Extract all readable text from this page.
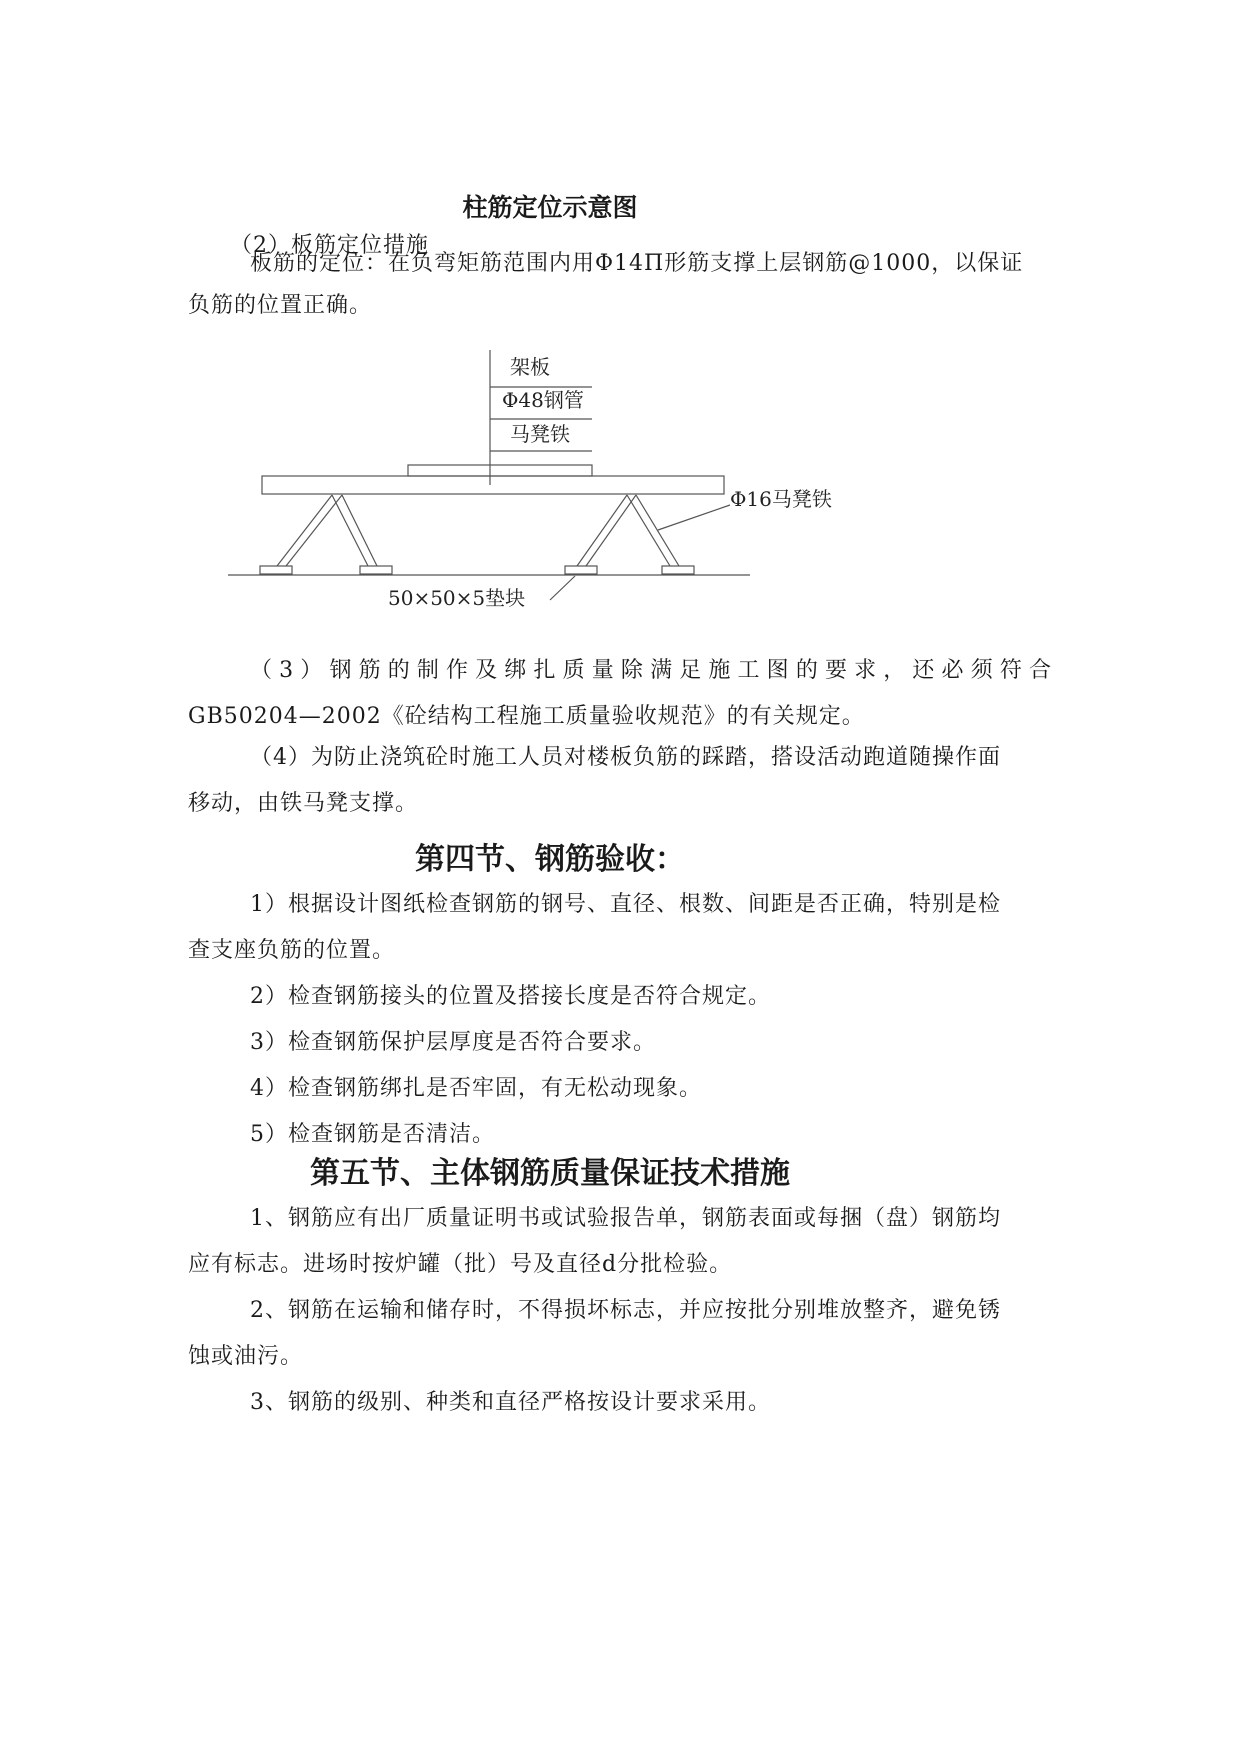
柱筋定位示意图

（2）板筋定位措施

板筋的定位：在负弯矩筋范围内用Φ14Π形筋支撑上层钢筋@1000，以保证

负筋的位置正确。

架板
Φ48钢管
马凳铁
Φ16马凳铁
50×50×5垫块

（3）钢筋的制作及绑扎质量除满足施工图的要求，还必须符合

GB50204—2002《砼结构工程施工质量验收规范》的有关规定。

（4）为防止浇筑砼时施工人员对楼板负筋的踩踏，搭设活动跑道随操作面

移动，由铁马凳支撑。

第四节、钢筋验收：

1）根据设计图纸检查钢筋的钢号、直径、根数、间距是否正确，特别是检

查支座负筋的位置。

2）检查钢筋接头的位置及搭接长度是否符合规定。

3）检查钢筋保护层厚度是否符合要求。

4）检查钢筋绑扎是否牢固，有无松动现象。

5）检查钢筋是否清洁。

第五节、主体钢筋质量保证技术措施

1、钢筋应有出厂质量证明书或试验报告单，钢筋表面或每捆（盘）钢筋均

应有标志。进场时按炉罐（批）号及直径d分批检验。

2、钢筋在运输和储存时，不得损坏标志，并应按批分别堆放整齐，避免锈

蚀或油污。

3、钢筋的级别、种类和直径严格按设计要求采用。
